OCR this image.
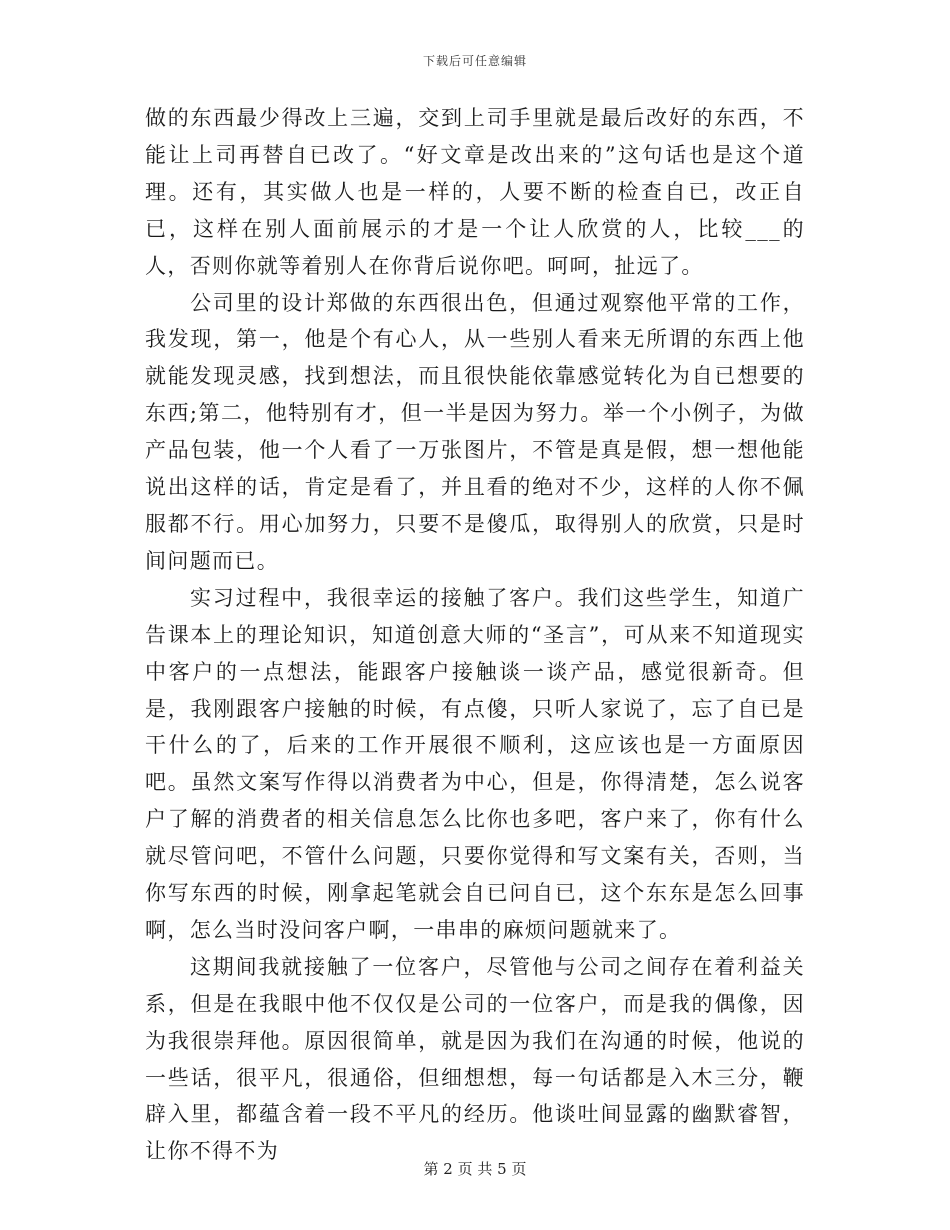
下载后可任意编辑

做的东西最少得改上三遍，交到上司手里就是最后改好的东西，不能让上司再替自已改了。“好文章是改出来的”这句话也是这个道理。还有，其实做人也是一样的，人要不断的检查自已，改正自已，这样在别人面前展示的才是一个让人欣赏的人，比较___的人，否则你就等着别人在你背后说你吧。呵呵，扯远了。

公司里的设计郑做的东西很出色，但通过观察他平常的工作，我发现，第一，他是个有心人，从一些别人看来无所谓的东西上他就能发现灵感，找到想法，而且很快能依靠感觉转化为自已想要的东西;第二，他特别有才，但一半是因为努力。举一个小例子，为做产品包装，他一个人看了一万张图片，不管是真是假，想一想他能说出这样的话，肯定是看了，并且看的绝对不少，这样的人你不佩服都不行。用心加努力，只要不是傻瓜，取得别人的欣赏，只是时间问题而已。

实习过程中，我很幸运的接触了客户。我们这些学生，知道广告课本上的理论知识，知道创意大师的“圣言”，可从来不知道现实中客户的一点想法，能跟客户接触谈一谈产品，感觉很新奇。但是，我刚跟客户接触的时候，有点傻，只听人家说了，忘了自已是干什么的了，后来的工作开展很不顺利，这应该也是一方面原因吧。虽然文案写作得以消费者为中心，但是，你得清楚，怎么说客户了解的消费者的相关信息怎么比你也多吧，客户来了，你有什么就尽管问吧，不管什么问题，只要你觉得和写文案有关，否则，当你写东西的时候，刚拿起笔就会自已问自已，这个东东是怎么回事啊，怎么当时没问客户啊，一串串的麻烦问题就来了。

这期间我就接触了一位客户，尽管他与公司之间存在着利益关系，但是在我眼中他不仅仅是公司的一位客户，而是我的偶像，因为我很崇拜他。原因很简单，就是因为我们在沟通的时候，他说的一些话，很平凡，很通俗，但细想想，每一句话都是入木三分，鞭辟入里，都蕴含着一段不平凡的经历。他谈吐间显露的幽默睿智，让你不得不为

第 2 页 共 5 页
